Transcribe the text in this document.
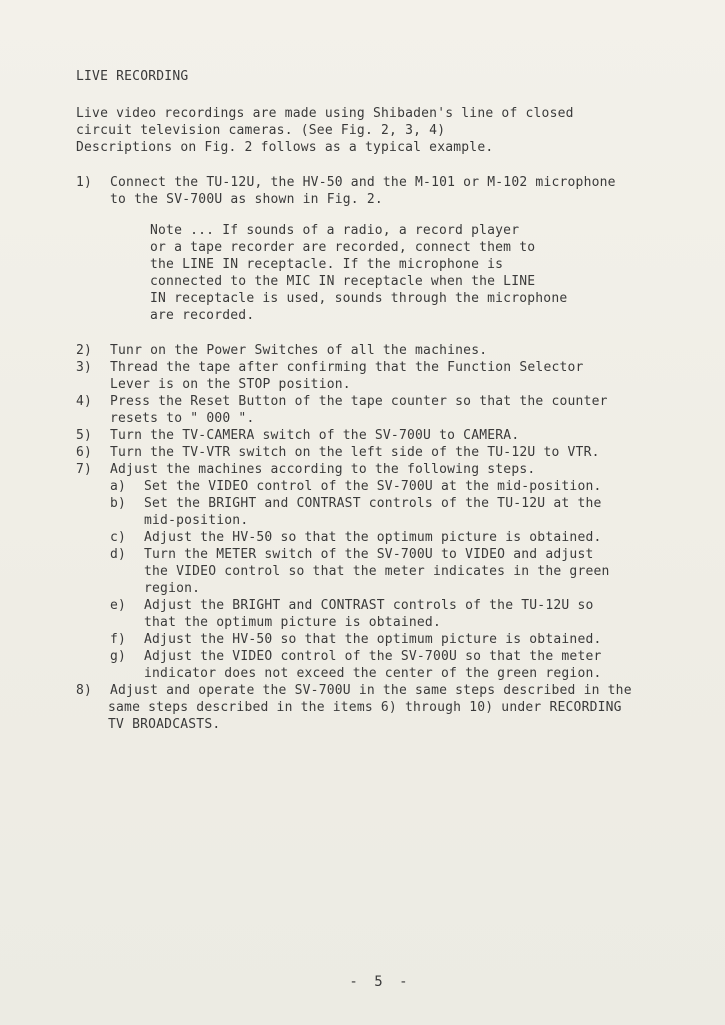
LIVE RECORDING

Live video recordings are made using Shibaden's line of closed

circuit television cameras. (See Fig. 2, 3, 4)

Descriptions on Fig. 2 follows as a typical example.

1) Connect the TU-12U, the HV-50 and the M-101 or M-102 microphone

to the SV-700U as shown in Fig. 2.

Note ... If sounds of a radio, a record player

or a tape recorder are recorded, connect them to

the LINE IN receptacle. If the microphone is

connected to the MIC IN receptacle when the LINE

IN receptacle is used, sounds through the microphone

are recorded.

2) Tunr on the Power Switches of all the machines.

3) Thread the tape after confirming that the Function Selector

Lever is on the STOP position.

4) Press the Reset Button of the tape counter so that the counter

resets to " 000 ".

5) Turn the TV-CAMERA switch of the SV-700U to CAMERA.

6) Turn the TV-VTR switch on the left side of the TU-12U to VTR.

7) Adjust the machines according to the following steps.

a) Set the VIDEO control of the SV-700U at the mid-position.

b) Set the BRIGHT and CONTRAST controls of the TU-12U at the

mid-position.

c) Adjust the HV-50 so that the optimum picture is obtained.

d) Turn the METER switch of the SV-700U to VIDEO and adjust

the VIDEO control so that the meter indicates in the green

region.

e) Adjust the BRIGHT and CONTRAST controls of the TU-12U so

that the optimum picture is obtained.

f) Adjust the HV-50 so that the optimum picture is obtained.

g) Adjust the VIDEO control of the SV-700U so that the meter

indicator does not exceed the center of the green region.

8)	Adjust and operate the SV-700U in the same steps described in the

same steps described in the items 6) through 10) under RECORDING

TV BROADCASTS.

- 5 -
